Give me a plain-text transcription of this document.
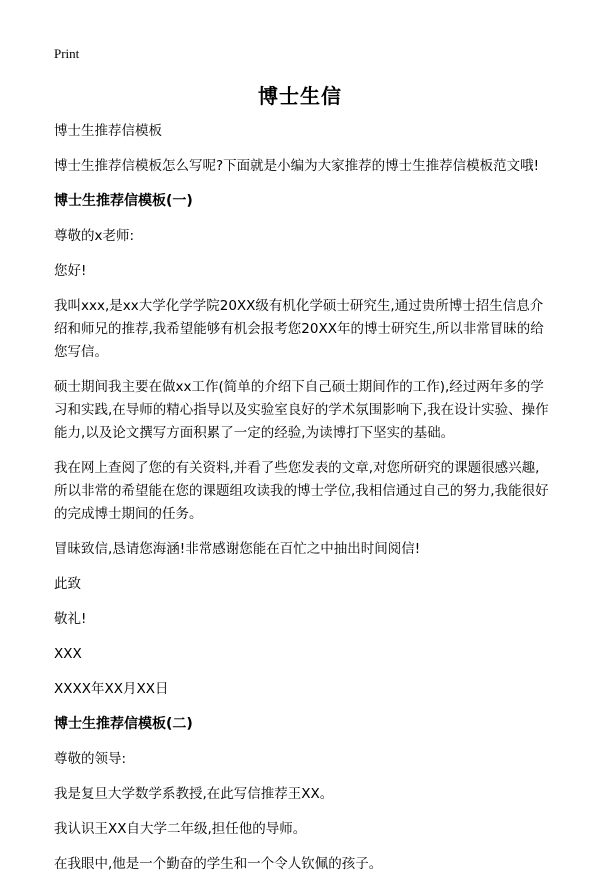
Print
博士生信

博士生推荐信模板

博士生推荐信模板怎么写呢?下面就是小编为大家推荐的博士生推荐信模板范文哦!

博士生推荐信模板(一)

尊敬的x老师:

您好!

我叫xxx,是xx大学化学学院20XX级有机化学硕士研究生,通过贵所博士招生信息介绍和师兄的推荐,我希望能够有机会报考您20XX年的博士研究生,所以非常冒昧的给您写信。

硕士期间我主要在做xx工作(简单的介绍下自己硕士期间作的工作),经过两年多的学习和实践,在导师的精心指导以及实验室良好的学术氛围影响下,我在设计实验、操作能力,以及论文撰写方面积累了一定的经验,为读博打下坚实的基础。

我在网上查阅了您的有关资料,并看了些您发表的文章,对您所研究的课题很感兴趣,所以非常的希望能在您的课题组攻读我的博士学位,我相信通过自己的努力,我能很好的完成博士期间的任务。

冒昧致信,恳请您海涵!非常感谢您能在百忙之中抽出时间阅信!

此致

敬礼!

XXX

XXXX年XX月XX日

博士生推荐信模板(二)

尊敬的领导:

我是复旦大学数学系教授,在此写信推荐王XX。

我认识王XX自大学二年级,担任他的导师。

在我眼中,他是一个勤奋的学生和一个令人钦佩的孩子。
